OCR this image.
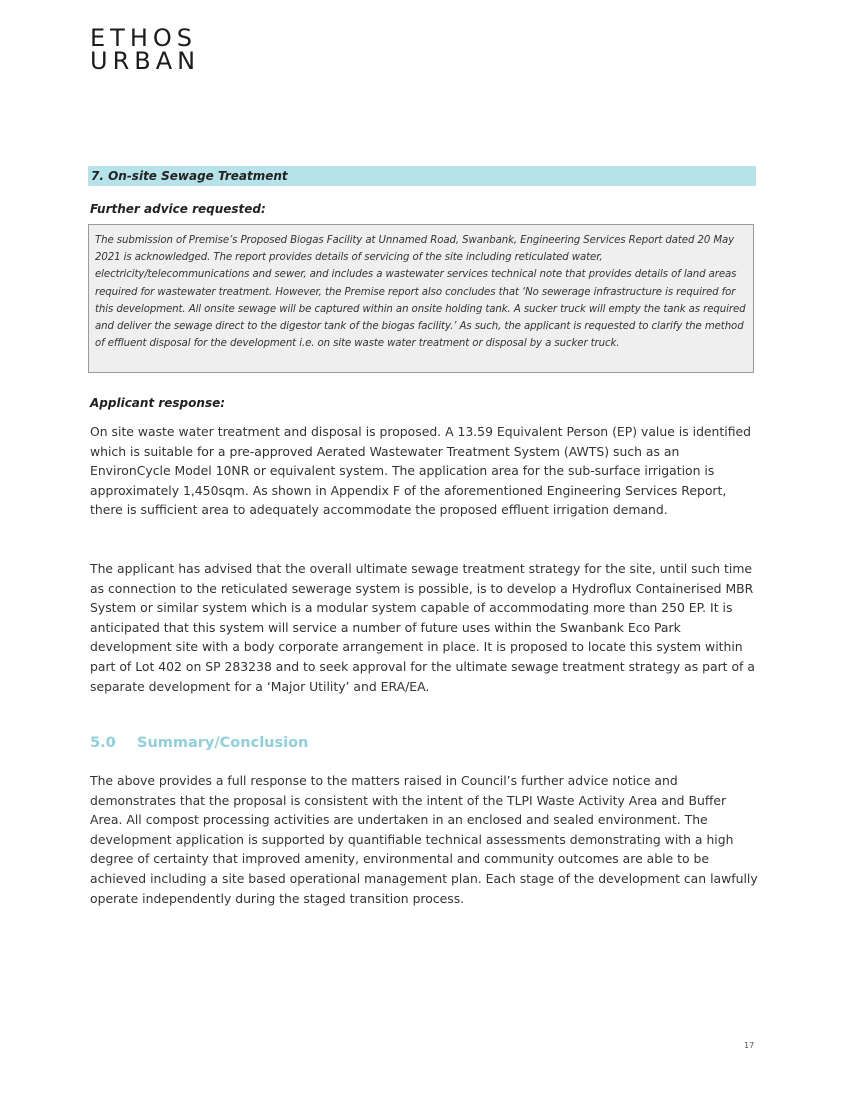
ETHOS
URBAN
7. On-site Sewage Treatment

Further advice requested:

The submission of Premise’s Proposed Biogas Facility at Unnamed Road, Swanbank, Engineering Services Report dated 20 May 2021 is acknowledged. The report provides details of servicing of the site including reticulated water, electricity/telecommunications and sewer, and includes a wastewater services technical note that provides details of land areas required for wastewater treatment. However, the Premise report also concludes that ‘No sewerage infrastructure is required for this development. All onsite sewage will be captured within an onsite holding tank. A sucker truck will empty the tank as required and deliver the sewage direct to the digestor tank of the biogas facility.’ As such, the applicant is requested to clarify the method of effluent disposal for the development i.e. on site waste water treatment or disposal by a sucker truck.

Applicant response:

On site waste water treatment and disposal is proposed. A 13.59 Equivalent Person (EP) value is identified which is suitable for a pre-approved Aerated Wastewater Treatment System (AWTS) such as an EnvironCycle Model 10NR or equivalent system. The application area for the sub-surface irrigation is approximately 1,450sqm. As shown in Appendix F of the aforementioned Engineering Services Report, there is sufficient area to adequately accommodate the proposed effluent irrigation demand.

The applicant has advised that the overall ultimate sewage treatment strategy for the site, until such time as connection to the reticulated sewerage system is possible, is to develop a Hydroflux Containerised MBR System or similar system which is a modular system capable of accommodating more than 250 EP. It is anticipated that this system will service a number of future uses within the Swanbank Eco Park development site with a body corporate arrangement in place. It is proposed to locate this system within part of Lot 402 on SP 283238 and to seek approval for the ultimate sewage treatment strategy as part of a separate development for a ‘Major Utility’ and ERA/EA.

5.0 Summary/Conclusion

The above provides a full response to the matters raised in Council’s further advice notice and demonstrates that the proposal is consistent with the intent of the TLPI Waste Activity Area and Buffer Area. All compost processing activities are undertaken in an enclosed and sealed environment. The development application is supported by quantifiable technical assessments demonstrating with a high degree of certainty that improved amenity, environmental and community outcomes are able to be achieved including a site based operational management plan. Each stage of the development can lawfully operate independently during the staged transition process.

17
